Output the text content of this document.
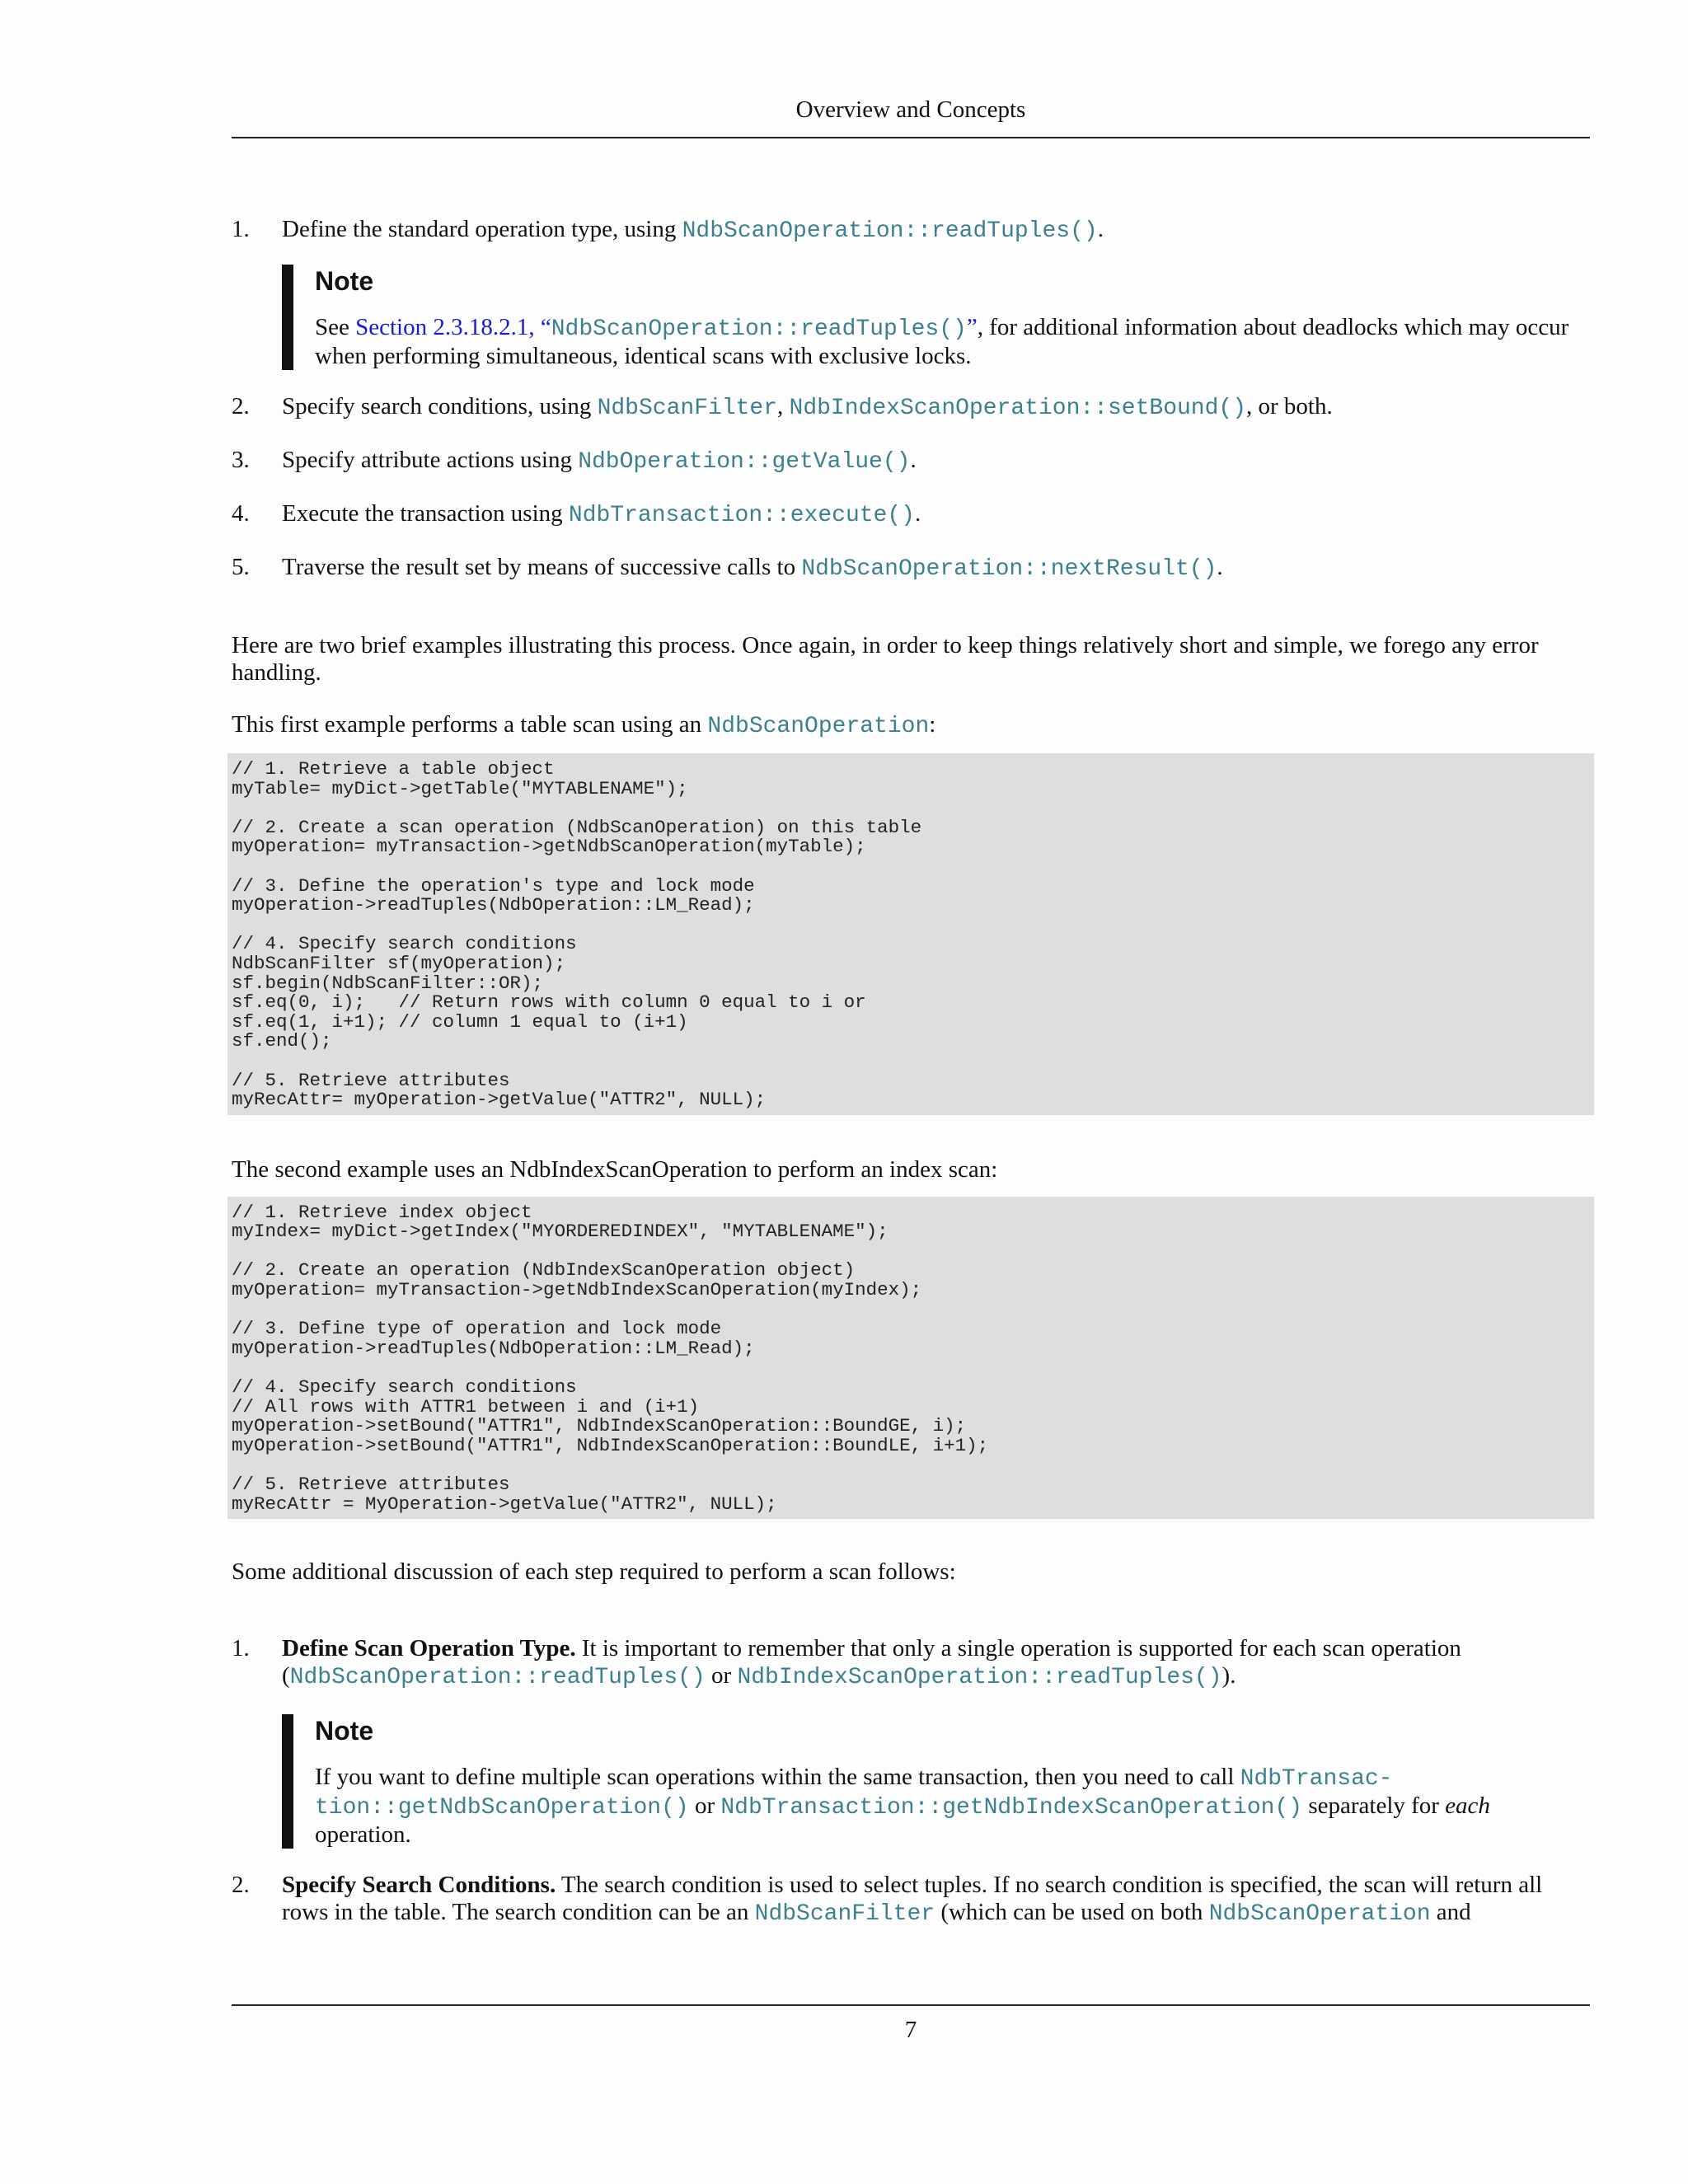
Overview and Concepts
1. Define the standard operation type, using NdbScanOperation::readTuples().
Note

See Section 2.3.18.2.1, “NdbScanOperation::readTuples()”, for additional information about deadlocks which may occur when performing simultaneous, identical scans with exclusive locks.

2. Specify search conditions, using NdbScanFilter, NdbIndexScanOperation::setBound(), or both.
3. Specify attribute actions using NdbOperation::getValue().
4. Execute the transaction using NdbTransaction::execute().
5. Traverse the result set by means of successive calls to NdbScanOperation::nextResult().

Here are two brief examples illustrating this process. Once again, in order to keep things relatively short and simple, we forego any error handling.

This first example performs a table scan using an NdbScanOperation:

// 1. Retrieve a table object
myTable= myDict->getTable("MYTABLENAME");

// 2. Create a scan operation (NdbScanOperation) on this table
myOperation= myTransaction->getNdbScanOperation(myTable);

// 3. Define the operation's type and lock mode
myOperation->readTuples(NdbOperation::LM_Read);

// 4. Specify search conditions
NdbScanFilter sf(myOperation);
sf.begin(NdbScanFilter::OR);
sf.eq(0, i);   // Return rows with column 0 equal to i or
sf.eq(1, i+1); // column 1 equal to (i+1)
sf.end();

// 5. Retrieve attributes
myRecAttr= myOperation->getValue("ATTR2", NULL);

The second example uses an NdbIndexScanOperation to perform an index scan:

// 1. Retrieve index object
myIndex= myDict->getIndex("MYORDEREDINDEX", "MYTABLENAME");

// 2. Create an operation (NdbIndexScanOperation object)
myOperation= myTransaction->getNdbIndexScanOperation(myIndex);

// 3. Define type of operation and lock mode
myOperation->readTuples(NdbOperation::LM_Read);

// 4. Specify search conditions
// All rows with ATTR1 between i and (i+1)
myOperation->setBound("ATTR1", NdbIndexScanOperation::BoundGE, i);
myOperation->setBound("ATTR1", NdbIndexScanOperation::BoundLE, i+1);

// 5. Retrieve attributes
myRecAttr = MyOperation->getValue("ATTR2", NULL);

Some additional discussion of each step required to perform a scan follows:

1. Define Scan Operation Type. It is important to remember that only a single operation is supported for each scan operation (NdbScanOperation::readTuples() or NdbIndexScanOperation::readTuples()).
Note

If you want to define multiple scan operations within the same transaction, then you need to call NdbTransaction::getNdbScanOperation() or NdbTransaction::getNdbIndexScanOperation() separately for each operation.

2. Specify Search Conditions. The search condition is used to select tuples. If no search condition is specified, the scan will return all rows in the table. The search condition can be an NdbScanFilter (which can be used on both NdbScanOperation and
7
